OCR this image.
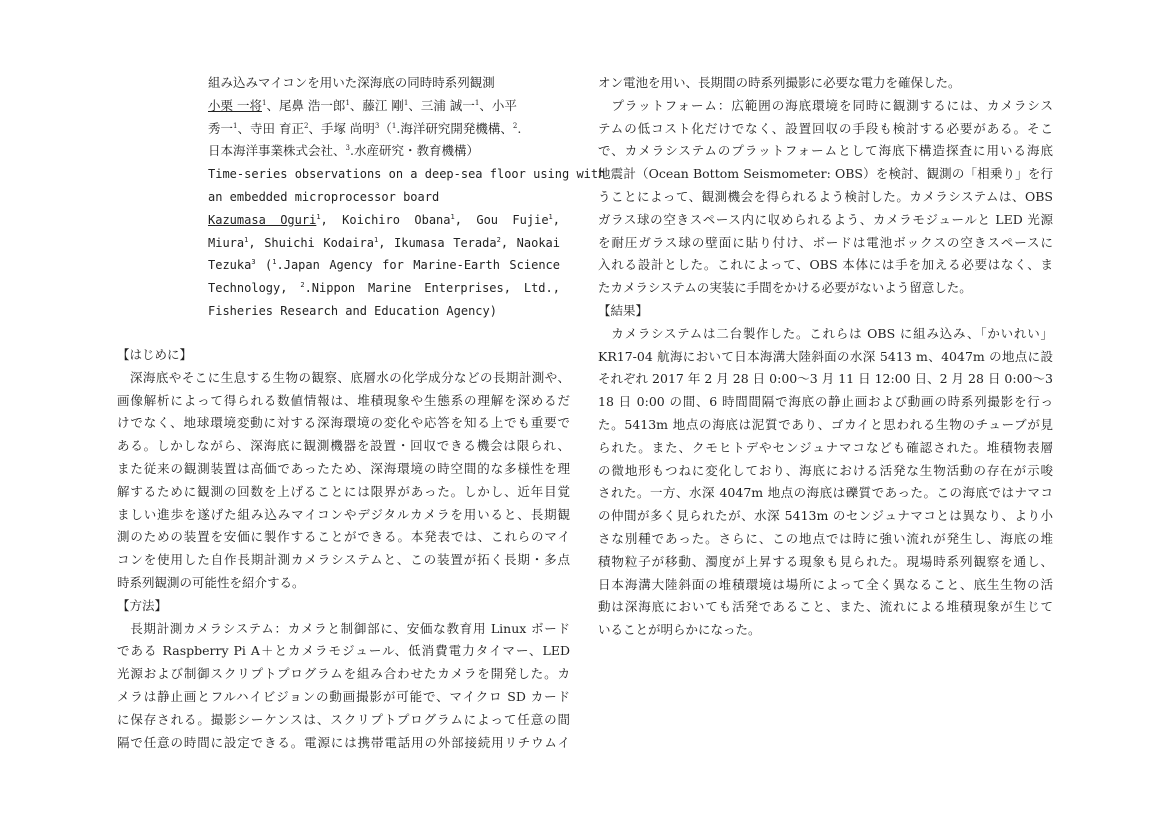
組み込みマイコンを用いた深海底の同時時系列観測
小栗 一将$^1$、尾鼻 浩一郎$^1$、藤江 剛$^1$、三浦 誠一$^1$、小平
秀一$^1$、寺田 育正$^2$、手塚 尚明$^3$（$^1$.海洋研究開発機構、$^2$.
日本海洋事業株式会社、$^3$.水産研究・教育機構）
Time-series observations on a deep-sea floor using with
an embedded microprocessor board
Kazumasa Oguri$^1$, Koichiro Obana$^1$, Gou Fujie$^1$,
Miura$^1$, Shuichi Kodaira$^1$, Ikumasa Terada$^2$, Naokai
Tezuka$^3$ ($^1$.Japan Agency for Marine-Earth Science
Technology, $^2$.Nippon Marine Enterprises, Ltd.,
Fisheries Research and Education Agency)
【はじめに】
　深海底やそこに生息する生物の観察、底層水の化学成分などの長期計測や、
画像解析によって得られる数値情報は、堆積現象や生態系の理解を深めるだ
けでなく、地球環境変動に対する深海環境の変化や応答を知る上でも重要で
ある。しかしながら、深海底に観測機器を設置・回収できる機会は限られ、
また従来の観測装置は高価であったため、深海環境の時空間的な多様性を理
解するために観測の回数を上げることには限界があった。しかし、近年目覚
ましい進歩を遂げた組み込みマイコンやデジタルカメラを用いると、長期観
測のための装置を安価に製作することができる。本発表では、これらのマイ
コンを使用した自作長期計測カメラシステムと、この装置が拓く長期・多点
時系列観測の可能性を紹介する。
【方法】
　長期計測カメラシステム：カメラと制御部に、安価な教育用 Linux ボード
である Raspberry Pi A＋とカメラモジュール、低消費電力タイマー、LED
光源および制御スクリプトプログラムを組み合わせたカメラを開発した。カ
メラは静止画とフルハイビジョンの動画撮影が可能で、マイクロ SD カード
に保存される。撮影シーケンスは、スクリプトプログラムによって任意の間
隔で任意の時間に設定できる。電源には携帯電話用の外部接続用リチウムイ
オン電池を用い、長期間の時系列撮影に必要な電力を確保した。
　プラットフォーム：広範囲の海底環境を同時に観測するには、カメラシス
テムの低コスト化だけでなく、設置回収の手段も検討する必要がある。そこ
で、カメラシステムのプラットフォームとして海底下構造探査に用いる海底
地震計（Ocean Bottom Seismometer: OBS）を検討、観測の「相乗り」を行
うことによって、観測機会を得られるよう検討した。カメラシステムは、OBS
ガラス球の空きスペース内に収められるよう、カメラモジュールと LED 光源
を耐圧ガラス球の壁面に貼り付け、ボードは電池ボックスの空きスペースに
入れる設計とした。これによって、OBS 本体には手を加える必要はなく、ま
たカメラシステムの実装に手間をかける必要がないよう留意した。
【結果】
　カメラシステムは二台製作した。これらは OBS に組み込み、「かいれい」
KR17-04 航海において日本海溝大陸斜面の水深 5413 m、4047m の地点に設
それぞれ 2017 年 2 月 28 日 0:00〜3 月 11 日 12:00 日、2 月 28 日 0:00〜3
18 日 0:00 の間、6 時間間隔で海底の静止画および動画の時系列撮影を行っ
た。5413m 地点の海底は泥質であり、ゴカイと思われる生物のチューブが見
られた。また、クモヒトデやセンジュナマコなども確認された。堆積物表層
の微地形もつねに変化しており、海底における活発な生物活動の存在が示唆
された。一方、水深 4047m 地点の海底は礫質であった。この海底ではナマコ
の仲間が多く見られたが、水深 5413m のセンジュナマコとは異なり、より小
さな別種であった。さらに、この地点では時に強い流れが発生し、海底の堆
積物粒子が移動、濁度が上昇する現象も見られた。現場時系列観察を通し、
日本海溝大陸斜面の堆積環境は場所によって全く異なること、底生生物の活
動は深海底においても活発であること、また、流れによる堆積現象が生じて
いることが明らかになった。
